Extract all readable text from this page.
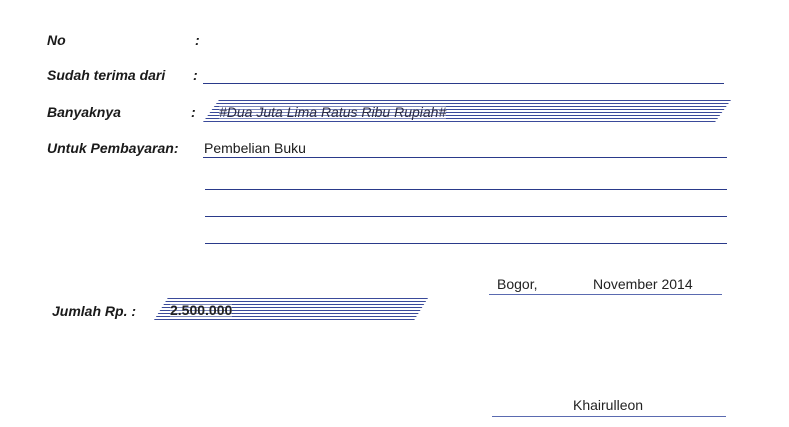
No	:
Sudah terima dari :
Banyaknya	: #Dua Juta Lima Ratus Ribu Rupiah#
Untuk Pembayaran: Pembelian Buku
Bogor,	November 2014
Jumlah Rp. : 2.500.000
Khairulleon
